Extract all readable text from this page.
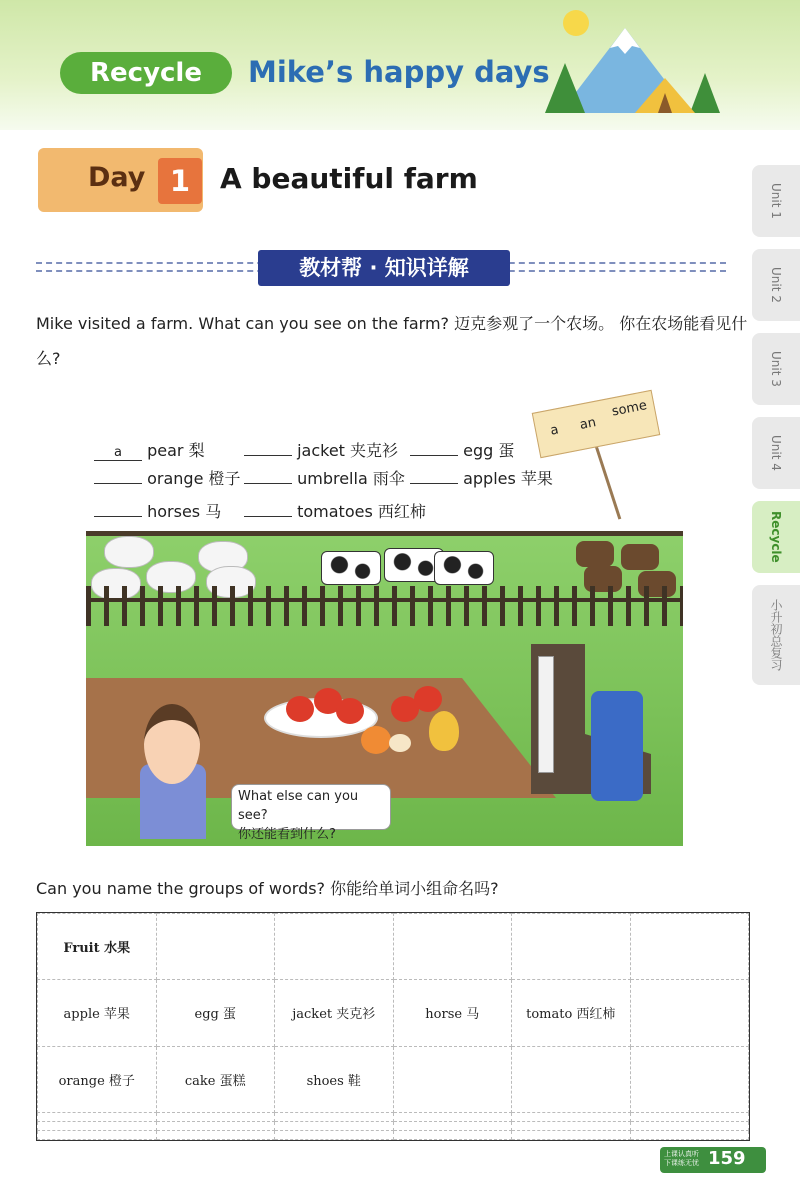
Recycle	Mike’s happy days
Day 1	A beautiful farm
Unit 1
Unit 2
Unit 3
Unit 4
Recycle
小升初总复习
教材帮 · 知识详解
Mike visited a farm. What can you see on the farm? 迈克参观了一个农场。 你在农场能看见什么?
a pear 梨	jacket 夹克衫	egg 蛋
orange 橙子	umbrella 雨伞	apples 苹果
horses 马	tomatoes 西红柿
a an
some
What else can you see?
你还能看到什么?
Can you name the groups of words? 你能给单词小组命名吗?
Fruit 水果					
apple 苹果	egg 蛋	jacket 夹克衫	horse 马	tomato 西红柿	
orange 橙子	cake 蛋糕	shoes 鞋			

上课认真听
下课练无忧 159
